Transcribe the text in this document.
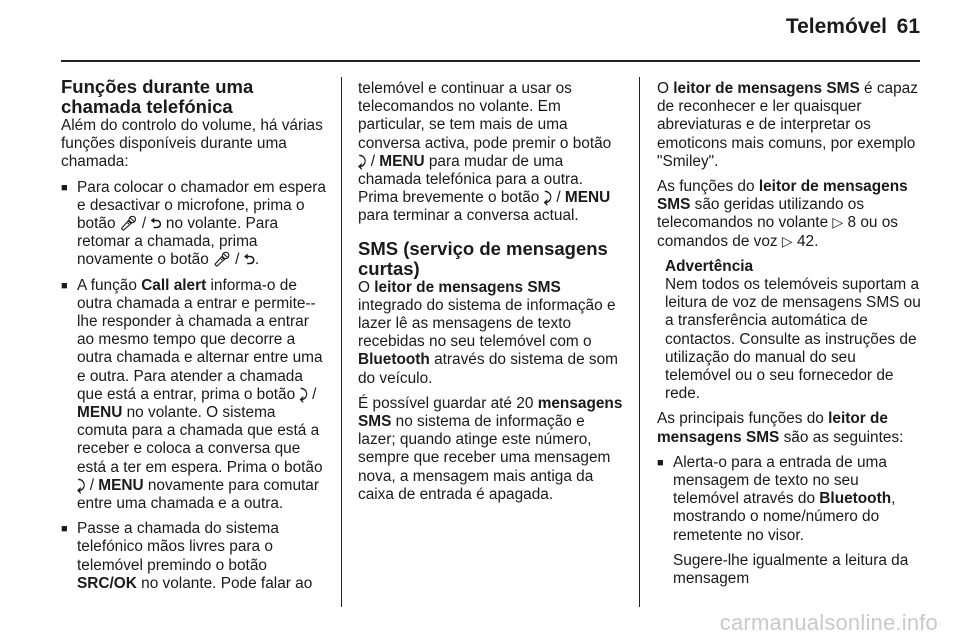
Telemóvel 61
Funções durante uma chamada telefónica

Além do controlo do volume, há várias funções disponíveis durante uma chamada:

■ Para colocar o chamador em espera e desactivar o microfone, prima o botão 🎤︎ / ⮌ no volante. Para retomar a chamada, prima novamente o botão 🎤︎ / ⮌.
■ A função Call alert informa-o de outra chamada a entrar e permite--lhe responder à chamada a entrar ao mesmo tempo que decorre a outra chamada e alternar entre uma e outra. Para atender a chamada que está a entrar, prima o botão ⤸ / MENU no volante. O sistema comuta para a chamada que está a receber e coloca a conversa que está a ter em espera. Prima o botão ⤸ / MENU novamente para comutar entre uma chamada e a outra.
■ Passe a chamada do sistema telefónico mãos livres para o telemóvel premindo o botão SRC/OK no volante. Pode falar ao

telemóvel e continuar a usar os telecomandos no volante. Em particular, se tem mais de uma conversa activa, pode premir o botão ⤸ / MENU para mudar de uma chamada telefónica para a outra. Prima brevemente o botão ⤸ / MENU para terminar a conversa actual.

SMS (serviço de mensagens curtas)

O leitor de mensagens SMS integrado do sistema de informação e lazer lê as mensagens de texto recebidas no seu telemóvel com o Bluetooth através do sistema de som do veículo.

É possível guardar até 20 mensagens SMS no sistema de informação e lazer; quando atinge este número, sempre que receber uma mensagem nova, a mensagem mais antiga da caixa de entrada é apagada.

O leitor de mensagens SMS é capaz de reconhecer e ler quaisquer abreviaturas e de interpretar os emoticons mais comuns, por exemplo "Smiley".

As funções do leitor de mensagens SMS são geridas utilizando os telecomandos no volante ▷ 8 ou os comandos de voz ▷ 42.

Advertência
Nem todos os telemóveis suportam a leitura de voz de mensagens SMS ou a transferência automática de contactos. Consulte as instruções de utilização do manual do seu telemóvel ou o seu fornecedor de rede.

As principais funções do leitor de mensagens SMS são as seguintes:

■ Alerta-o para a entrada de uma mensagem de texto no seu telemóvel através do Bluetooth, mostrando o nome/número do remetente no visor.

Sugere-lhe igualmente a leitura da mensagem

carmanualsonline.info
